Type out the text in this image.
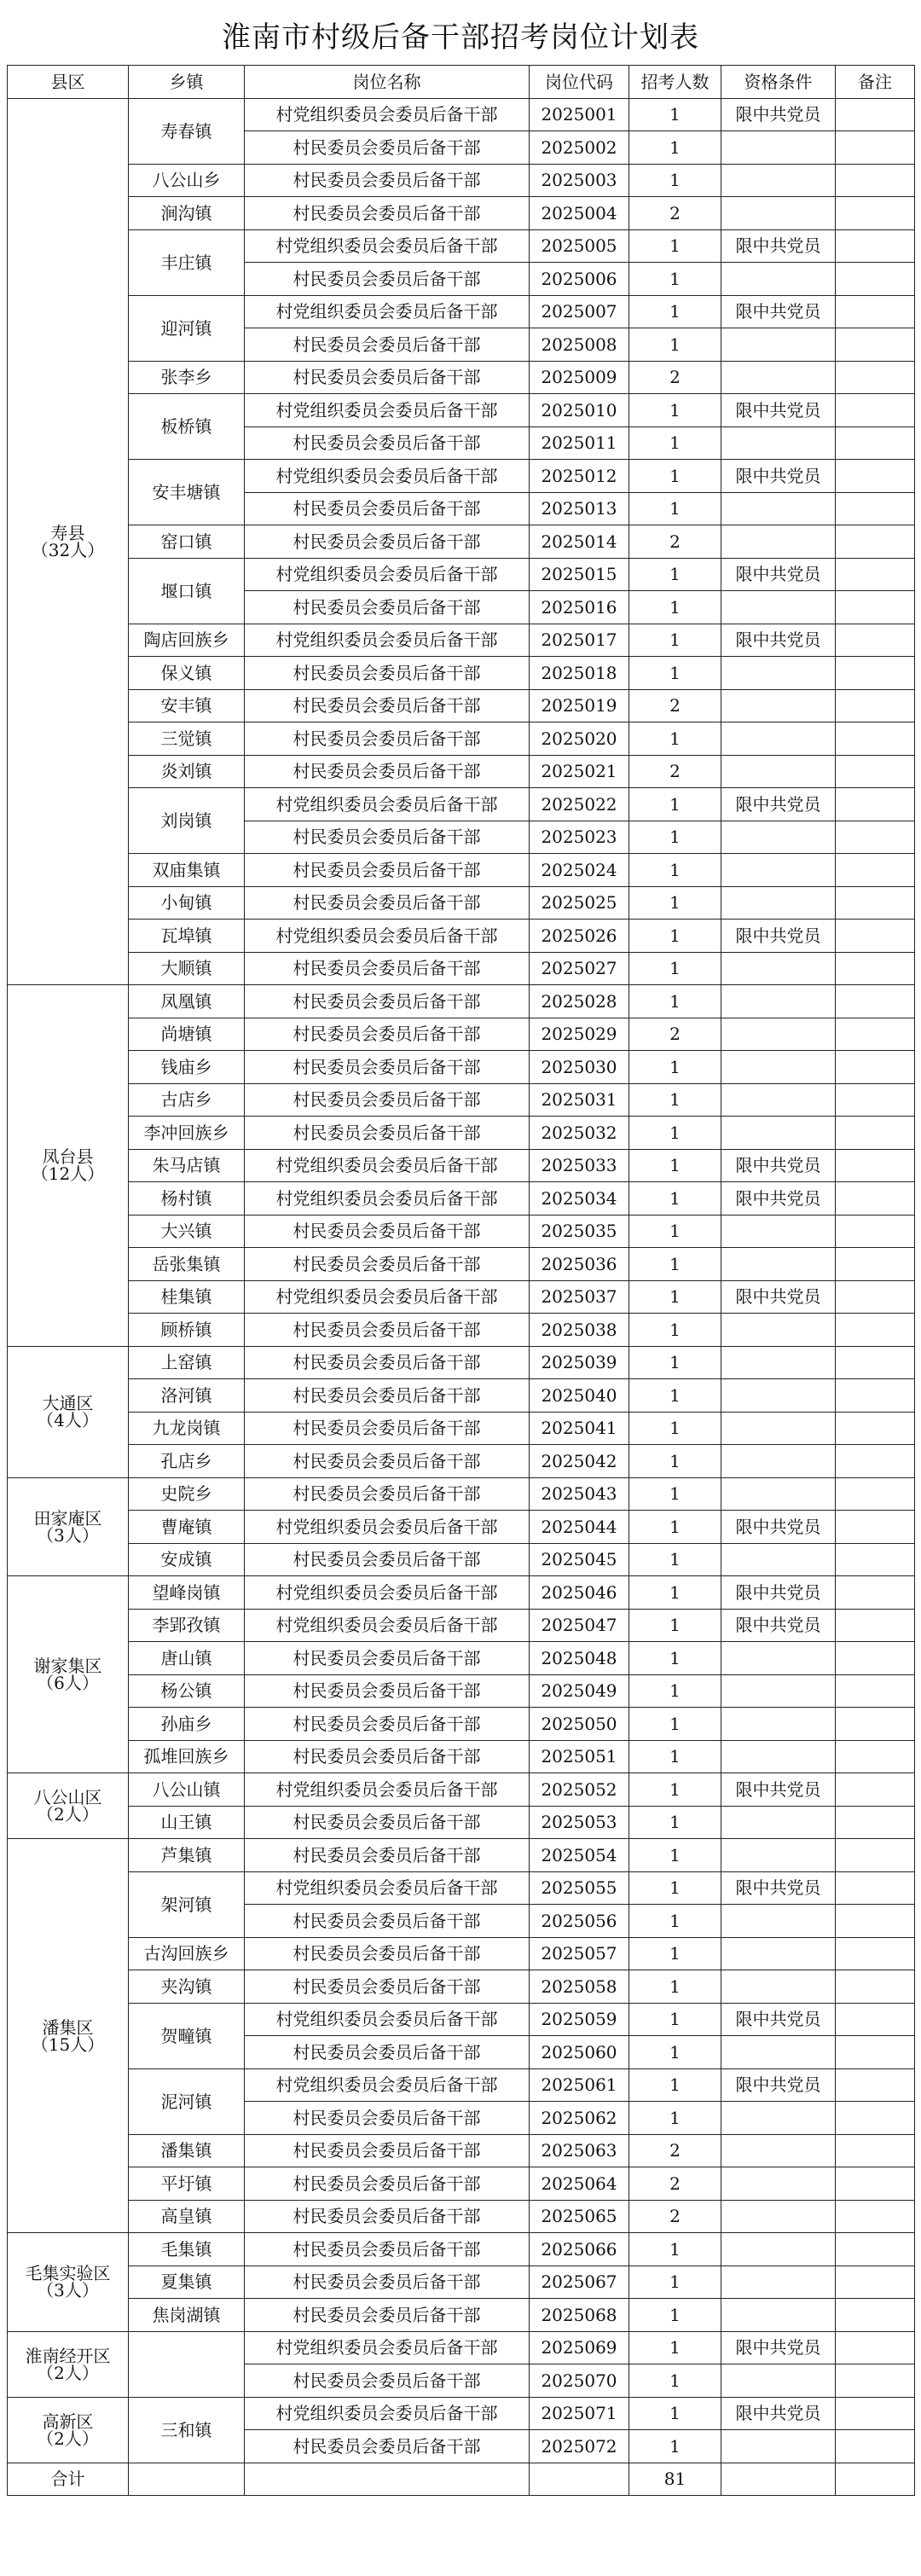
淮南市村级后备干部招考岗位计划表
县区	乡镇	岗位名称	岗位代码	招考人数	资格条件	备注

寿县
（32人）	寿春镇	村党组织委员会委员后备干部	2025001	1	限中共党员	
		村民委员会委员后备干部	2025002	1		
	八公山乡	村民委员会委员后备干部	2025003	1		
	涧沟镇	村民委员会委员后备干部	2025004	2		
	丰庄镇	村党组织委员会委员后备干部	2025005	1	限中共党员	
		村民委员会委员后备干部	2025006	1		
	迎河镇	村党组织委员会委员后备干部	2025007	1	限中共党员	
		村民委员会委员后备干部	2025008	1		
	张李乡	村民委员会委员后备干部	2025009	2		
	板桥镇	村党组织委员会委员后备干部	2025010	1	限中共党员	
		村民委员会委员后备干部	2025011	1		
	安丰塘镇	村党组织委员会委员后备干部	2025012	1	限中共党员	
		村民委员会委员后备干部	2025013	1		
	窑口镇	村民委员会委员后备干部	2025014	2		
	堰口镇	村党组织委员会委员后备干部	2025015	1	限中共党员	
		村民委员会委员后备干部	2025016	1		
	陶店回族乡	村党组织委员会委员后备干部	2025017	1	限中共党员	
	保义镇	村民委员会委员后备干部	2025018	1		
	安丰镇	村民委员会委员后备干部	2025019	2		
	三觉镇	村民委员会委员后备干部	2025020	1		
	炎刘镇	村民委员会委员后备干部	2025021	2		
	刘岗镇	村党组织委员会委员后备干部	2025022	1	限中共党员	
		村民委员会委员后备干部	2025023	1		
	双庙集镇	村民委员会委员后备干部	2025024	1		
	小甸镇	村民委员会委员后备干部	2025025	1		
	瓦埠镇	村党组织委员会委员后备干部	2025026	1	限中共党员	
	大顺镇	村民委员会委员后备干部	2025027	1		

凤台县
（12人）	凤凰镇	村民委员会委员后备干部	2025028	1		
	尚塘镇	村民委员会委员后备干部	2025029	2		
	钱庙乡	村民委员会委员后备干部	2025030	1		
	古店乡	村民委员会委员后备干部	2025031	1		
	李冲回族乡	村民委员会委员后备干部	2025032	1		
	朱马店镇	村党组织委员会委员后备干部	2025033	1	限中共党员	
	杨村镇	村党组织委员会委员后备干部	2025034	1	限中共党员	
	大兴镇	村民委员会委员后备干部	2025035	1		
	岳张集镇	村民委员会委员后备干部	2025036	1		
	桂集镇	村党组织委员会委员后备干部	2025037	1	限中共党员	
	顾桥镇	村民委员会委员后备干部	2025038	1		

大通区
（4人）	上窑镇	村民委员会委员后备干部	2025039	1		
	洛河镇	村民委员会委员后备干部	2025040	1		
	九龙岗镇	村民委员会委员后备干部	2025041	1		
	孔店乡	村民委员会委员后备干部	2025042	1		

田家庵区
（3人）	史院乡	村民委员会委员后备干部	2025043	1		
	曹庵镇	村党组织委员会委员后备干部	2025044	1	限中共党员	
	安成镇	村民委员会委员后备干部	2025045	1		

谢家集区
（6人）	望峰岗镇	村党组织委员会委员后备干部	2025046	1	限中共党员	
	李郢孜镇	村党组织委员会委员后备干部	2025047	1	限中共党员	
	唐山镇	村民委员会委员后备干部	2025048	1		
	杨公镇	村民委员会委员后备干部	2025049	1		
	孙庙乡	村民委员会委员后备干部	2025050	1		
	孤堆回族乡	村民委员会委员后备干部	2025051	1		

八公山区
（2人）	八公山镇	村党组织委员会委员后备干部	2025052	1	限中共党员	
	山王镇	村民委员会委员后备干部	2025053	1		

潘集区
（15人）	芦集镇	村民委员会委员后备干部	2025054	1		
	架河镇	村党组织委员会委员后备干部	2025055	1	限中共党员	
		村民委员会委员后备干部	2025056	1		
	古沟回族乡	村民委员会委员后备干部	2025057	1		
	夹沟镇	村民委员会委员后备干部	2025058	1		
	贺疃镇	村党组织委员会委员后备干部	2025059	1	限中共党员	
		村民委员会委员后备干部	2025060	1		
	泥河镇	村党组织委员会委员后备干部	2025061	1	限中共党员	
		村民委员会委员后备干部	2025062	1		
	潘集镇	村民委员会委员后备干部	2025063	2		
	平圩镇	村民委员会委员后备干部	2025064	2		
	高皇镇	村民委员会委员后备干部	2025065	2		

毛集实验区
（3人）	毛集镇	村民委员会委员后备干部	2025066	1		
	夏集镇	村民委员会委员后备干部	2025067	1		
	焦岗湖镇	村民委员会委员后备干部	2025068	1		

淮南经开区
（2人）		村党组织委员会委员后备干部	2025069	1	限中共党员	
		村民委员会委员后备干部	2025070	1		

高新区
（2人）	三和镇	村党组织委员会委员后备干部	2025071	1	限中共党员	
		村民委员会委员后备干部	2025072	1		
合计				81		
